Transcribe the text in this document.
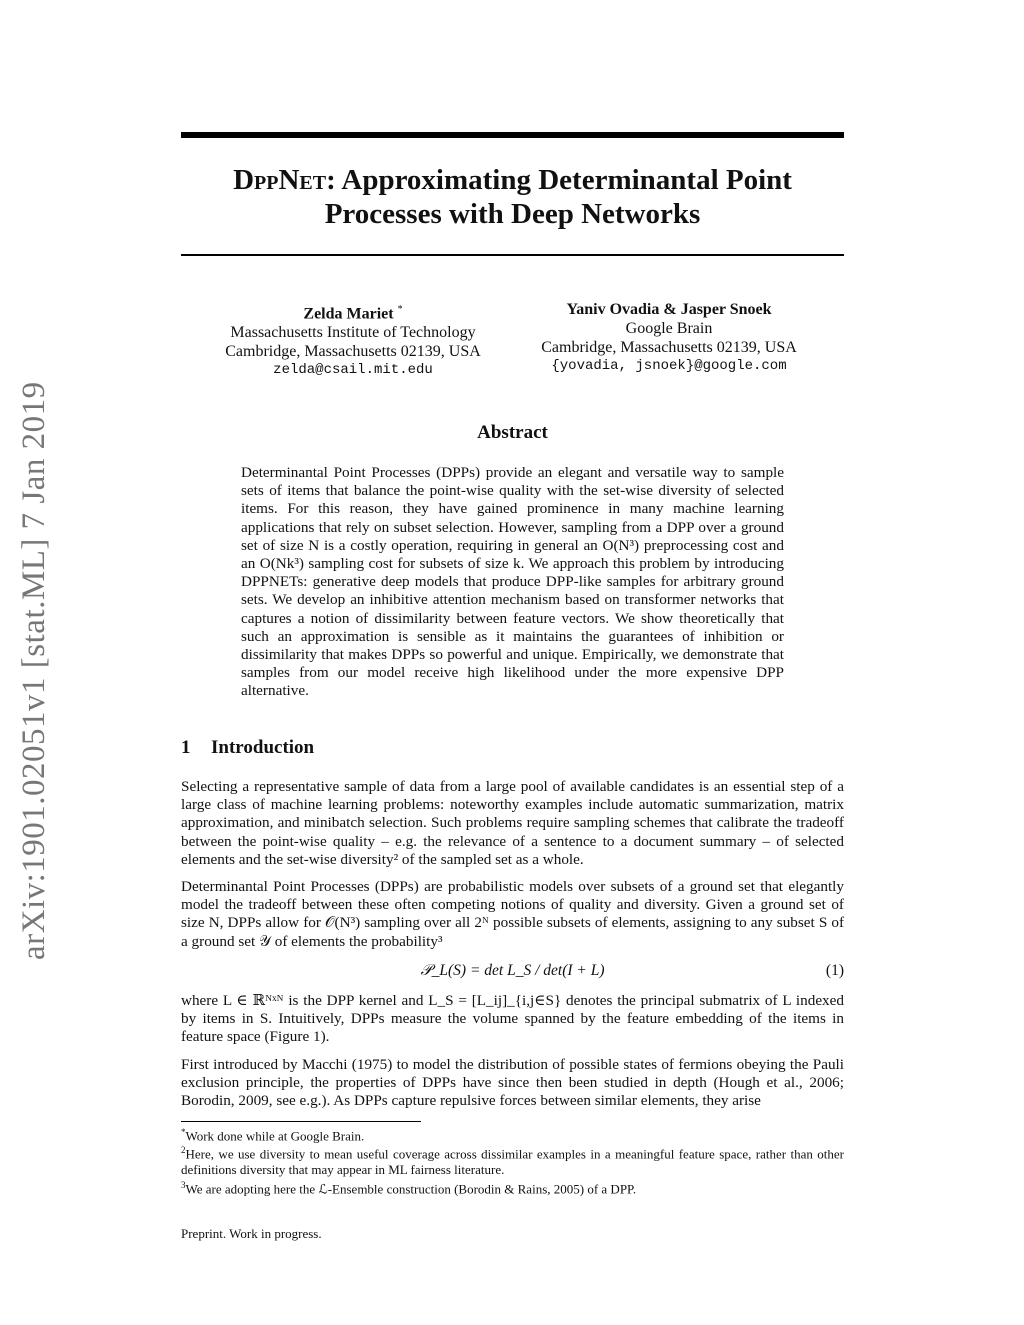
arXiv:1901.02051v1 [stat.ML] 7 Jan 2019
DppNet: Approximating Determinantal Point
Processes with Deep Networks
Zelda Mariet *
Massachusetts Institute of Technology
Cambridge, Massachusetts 02139, USA
zelda@csail.mit.edu
Yaniv Ovadia & Jasper Snoek
Google Brain
Cambridge, Massachusetts 02139, USA
{yovadia, jsnoek}@google.com
Abstract
Determinantal Point Processes (DPPs) provide an elegant and versatile way to sample sets of items that balance the point-wise quality with the set-wise diversity of selected items. For this reason, they have gained prominence in many machine learning applications that rely on subset selection. However, sampling from a DPP over a ground set of size N is a costly operation, requiring in general an O(N³) preprocessing cost and an O(Nk³) sampling cost for subsets of size k. We approach this problem by introducing DPPNETs: generative deep models that produce DPP-like samples for arbitrary ground sets. We develop an inhibitive attention mechanism based on transformer networks that captures a notion of dissimilarity between feature vectors. We show theoretically that such an approximation is sensible as it maintains the guarantees of inhibition or dissimilarity that makes DPPs so powerful and unique. Empirically, we demonstrate that samples from our model receive high likelihood under the more expensive DPP alternative.
1 Introduction
Selecting a representative sample of data from a large pool of available candidates is an essential step of a large class of machine learning problems: noteworthy examples include automatic summarization, matrix approximation, and minibatch selection. Such problems require sampling schemes that calibrate the tradeoff between the point-wise quality – e.g. the relevance of a sentence to a document summary – of selected elements and the set-wise diversity² of the sampled set as a whole.
Determinantal Point Processes (DPPs) are probabilistic models over subsets of a ground set that elegantly model the tradeoff between these often competing notions of quality and diversity. Given a ground set of size N, DPPs allow for 𝒪(N³) sampling over all 2ᴺ possible subsets of elements, assigning to any subset S of a ground set 𝒴 of elements the probability³
𝒫_L(S) = det L_S / det(I + L)	(1)
where L ∈ ℝᴺˣᴺ is the DPP kernel and L_S = [L_ij]_{i,j∈S} denotes the principal submatrix of L indexed by items in S. Intuitively, DPPs measure the volume spanned by the feature embedding of the items in feature space (Figure 1).
First introduced by Macchi (1975) to model the distribution of possible states of fermions obeying the Pauli exclusion principle, the properties of DPPs have since then been studied in depth (Hough et al., 2006; Borodin, 2009, see e.g.). As DPPs capture repulsive forces between similar elements, they arise
*Work done while at Google Brain.
$^2$Here, we use diversity to mean useful coverage across dissimilar examples in a meaningful feature space, rather than other definitions diversity that may appear in ML fairness literature.
$^3$We are adopting here the ℒ-Ensemble construction (Borodin & Rains, 2005) of a DPP.
Preprint. Work in progress.
